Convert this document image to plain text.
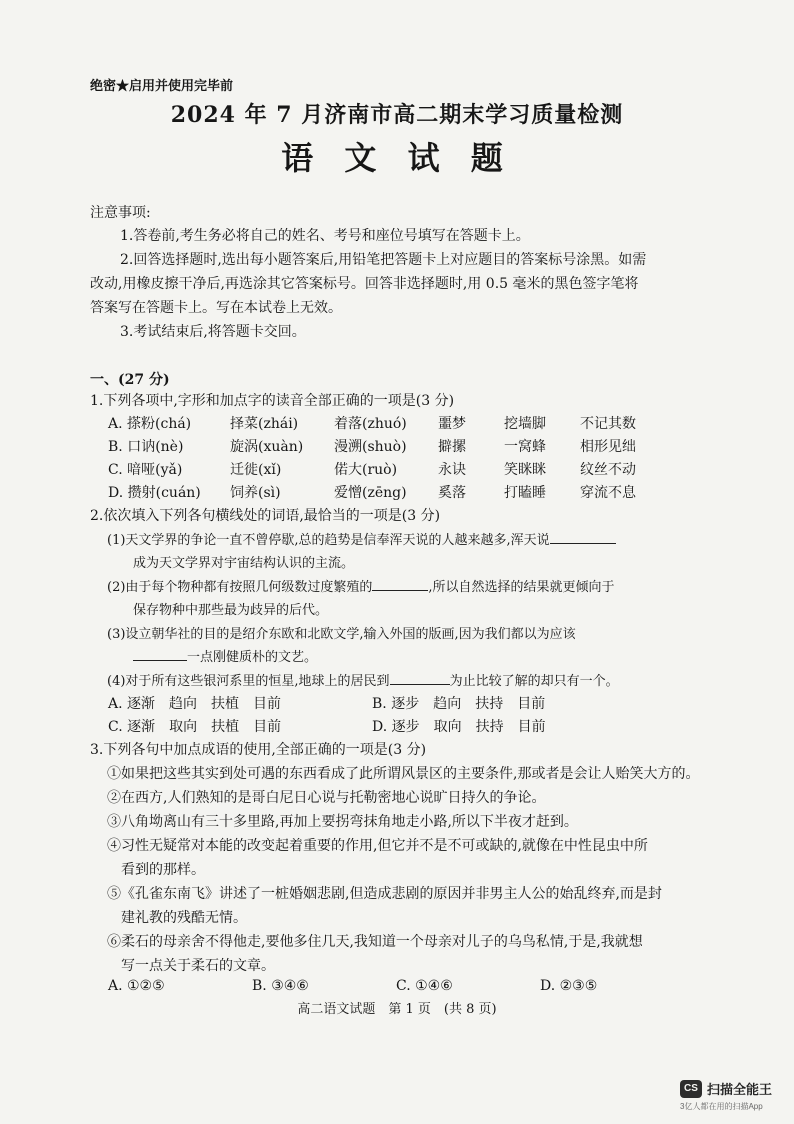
绝密★启用并使用完毕前
2024 年 7 月济南市高二期末学习质量检测
语 文 试 题
注意事项:
1.答卷前,考生务必将自己的姓名、考号和座位号填写在答题卡上。
2.回答选择题时,选出每小题答案后,用铅笔把答题卡上对应题目的答案标号涂黑。如需
改动,用橡皮擦干净后,再选涂其它答案标号。回答非选择题时,用 0.5 毫米的黑色签字笔将
答案写在答题卡上。写在本试卷上无效。
3.考试结束后,将答题卡交回。
一、(27 分)
1.下列各项中,字形和加点字的读音全部正确的一项是(3 分)
A. 搽粉(chá)	择菜(zhái)	着落(zhuó) 噩梦	挖墙脚 不记其数
B. 口讷(nè)	旋涡(xuàn) 漫溯(shuò) 擗摞	一窝蜂 相形见绌
C. 喑哑(yǎ)	迁徙(xǐ)	偌大(ruò)	永诀	笑眯眯 纹丝不动
D. 攒射(cuán) 饲养(sì)	爱憎(zēng) 奚落	打瞌睡 穿流不息
2.依次填入下列各句横线处的词语,最恰当的一项是(3 分)
(1)天文学界的争论一直不曾停歇,总的趋势是信奉浑天说的人越来越多,浑天说
成为天文学界对宇宙结构认识的主流。
(2)由于每个物种都有按照几何级数过度繁殖的	,所以自然选择的结果就更倾向于
保存物种中那些最为歧异的后代。
(3)设立朝华社的目的是绍介东欧和北欧文学,输入外国的版画,因为我们都以为应该
一点刚健质朴的文艺。
(4)对于所有这些银河系里的恒星,地球上的居民到	为止比较了解的却只有一个。
A. 逐渐　趋向　扶植　目前	B. 逐步　趋向　扶持　目前
C. 逐渐　取向　扶植　目前	D. 逐步　取向　扶持　目前
3.下列各句中加点成语的使用,全部正确的一项是(3 分)
①如果把这些其实到处可遇的东西看成了此所谓风景区的主要条件,那或者是会让人贻笑大方的。
②在西方,人们熟知的是哥白尼日心说与托勒密地心说旷日持久的争论。
③八角坳离山有三十多里路,再加上要拐弯抹角地走小路,所以下半夜才赶到。
④习性无疑常对本能的改变起着重要的作用,但它并不是不可或缺的,就像在中性昆虫中所
看到的那样。
⑤《孔雀东南飞》讲述了一桩婚姻悲剧,但造成悲剧的原因并非男主人公的始乱终弃,而是封
建礼教的残酷无情。
⑥柔石的母亲舍不得他走,要他多住几天,我知道一个母亲对儿子的乌鸟私情,于是,我就想
写一点关于柔石的文章。
A. ①②⑤	B. ③④⑥	C. ①④⑥	D. ②③⑤
高二语文试题　第 1 页　(共 8 页)
CS 扫描全能王
3亿人都在用的扫描App
